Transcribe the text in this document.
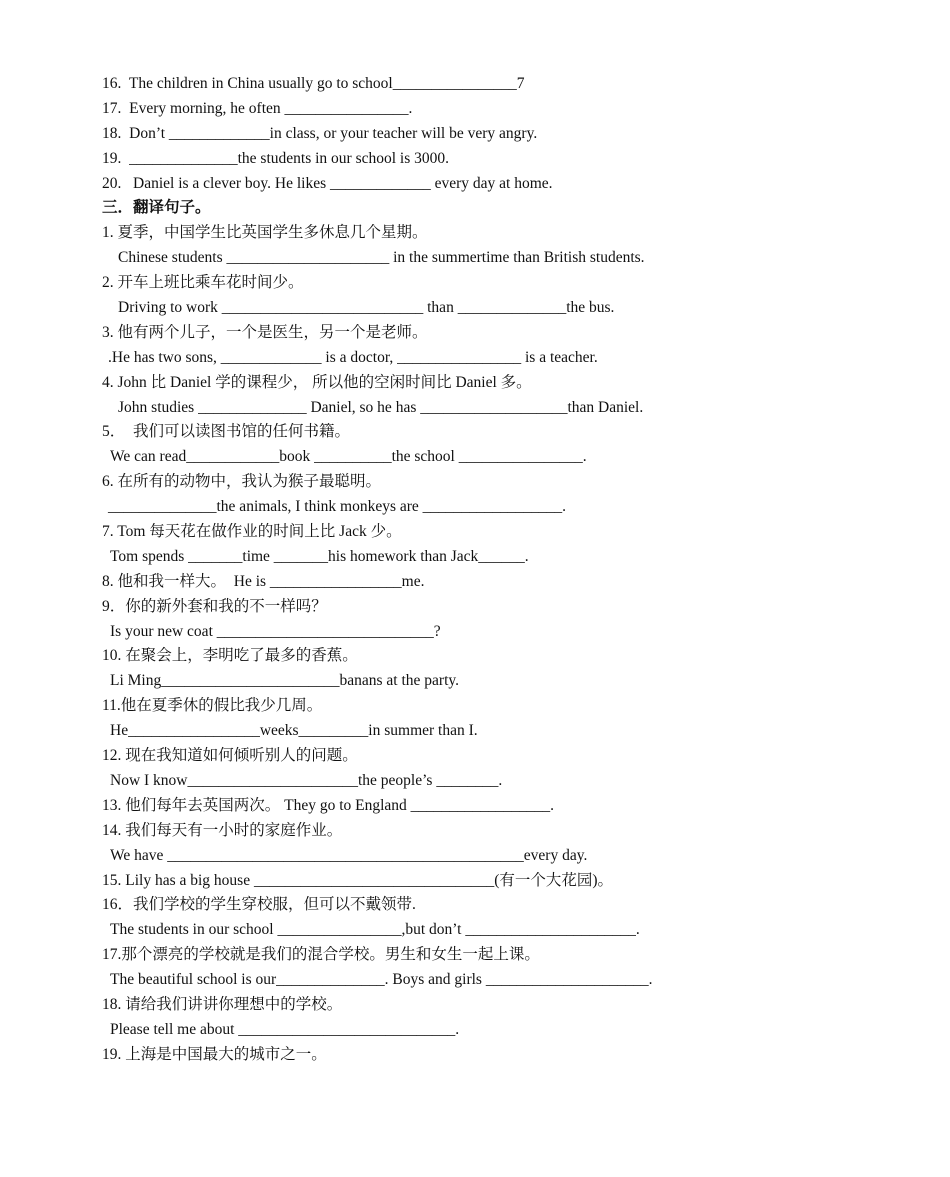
16.  The children in China usually go to school________________7
17.  Every morning, he often ________________.
18.  Don’t _____________in class, or your teacher will be very angry.
19.  ______________the students in our school is 3000.
20.   Daniel is a clever boy. He likes _____________ every day at home.
三．翻译句子。
1. 夏季，中国学生比英国学生多休息几个星期。
Chinese students _____________________ in the summertime than British students.
2. 开车上班比乘车花时间少。
Driving to work __________________________ than ______________the bus.
3. 他有两个儿子，一个是医生，另一个是老师。
.He has two sons, _____________ is a doctor, ________________ is a teacher.
4. John 比 Daniel 学的课程少， 所以他的空闲时间比 Daniel 多。
John studies ______________ Daniel, so he has ___________________than Daniel.
5．  我们可以读图书馆的任何书籍。
We can read____________book __________the school ________________.
6. 在所有的动物中，我认为猴子最聪明。
______________the animals, I think monkeys are __________________.
7. Tom 每天花在做作业的时间上比 Jack 少。
Tom spends _______time _______his homework than Jack______.
8. 他和我一样大。  He is _________________me.
9．你的新外套和我的不一样吗？
Is your new coat ____________________________?
10. 在聚会上，李明吃了最多的香蕉。
Li Ming_______________________banans at the party.
11.他在夏季休的假比我少几周。
He_________________weeks_________in summer than I.
12. 现在我知道如何倾听别人的问题。
Now I know______________________the people’s ________.
13. 他们每年去英国两次。 They go to England __________________.
14. 我们每天有一小时的家庭作业。
We have ______________________________________________every day.
15. Lily has a big house _______________________________(有一个大花园)。
16．我们学校的学生穿校服，但可以不戴领带.
The students in our school ________________,but don’t ______________________.
17.那个漂亮的学校就是我们的混合学校。男生和女生一起上课。
The beautiful school is our______________. Boys and girls _____________________.
18. 请给我们讲讲你理想中的学校。
Please tell me about ____________________________.
19. 上海是中国最大的城市之一。
